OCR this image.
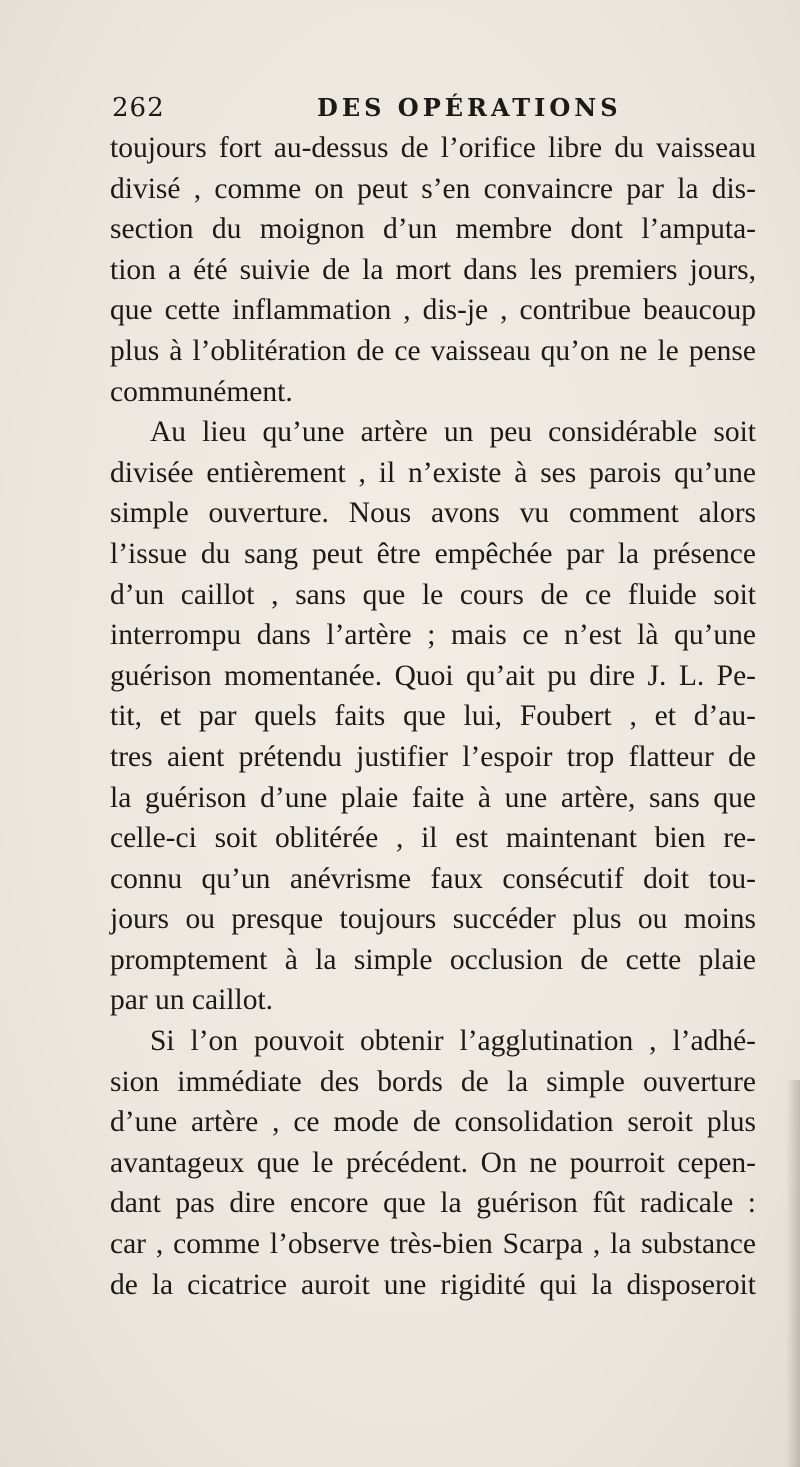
262	DES OPÉRATIONS
toujours fort au-dessus de l’orifice libre du vaisseau
divisé , comme on peut s’en convaincre par la dis-
section du moignon d’un membre dont l’amputa-
tion a été suivie de la mort dans les premiers jours,
que cette inflammation , dis-je , contribue beaucoup
plus à l’oblitération de ce vaisseau qu’on ne le pense
communément.
Au lieu qu’une artère un peu considérable soit
divisée entièrement , il n’existe à ses parois qu’une
simple ouverture. Nous avons vu comment alors
l’issue du sang peut être empêchée par la présence
d’un caillot , sans que le cours de ce fluide soit
interrompu dans l’artère ; mais ce n’est là qu’une
guérison momentanée. Quoi qu’ait pu dire J. L. Pe-
tit, et par quels faits que lui, Foubert , et d’au-
tres aient prétendu justifier l’espoir trop flatteur de
la guérison d’une plaie faite à une artère, sans que
celle-ci soit oblitérée , il est maintenant bien re-
connu qu’un anévrisme faux consécutif doit tou-
jours ou presque toujours succéder plus ou moins
promptement à la simple occlusion de cette plaie
par un caillot.
Si l’on pouvoit obtenir l’agglutination , l’adhé-
sion immédiate des bords de la simple ouverture
d’une artère , ce mode de consolidation seroit plus
avantageux que le précédent. On ne pourroit cepen-
dant pas dire encore que la guérison fût radicale :
car , comme l’observe très-bien Scarpa , la substance
de la cicatrice auroit une rigidité qui la disposeroit
